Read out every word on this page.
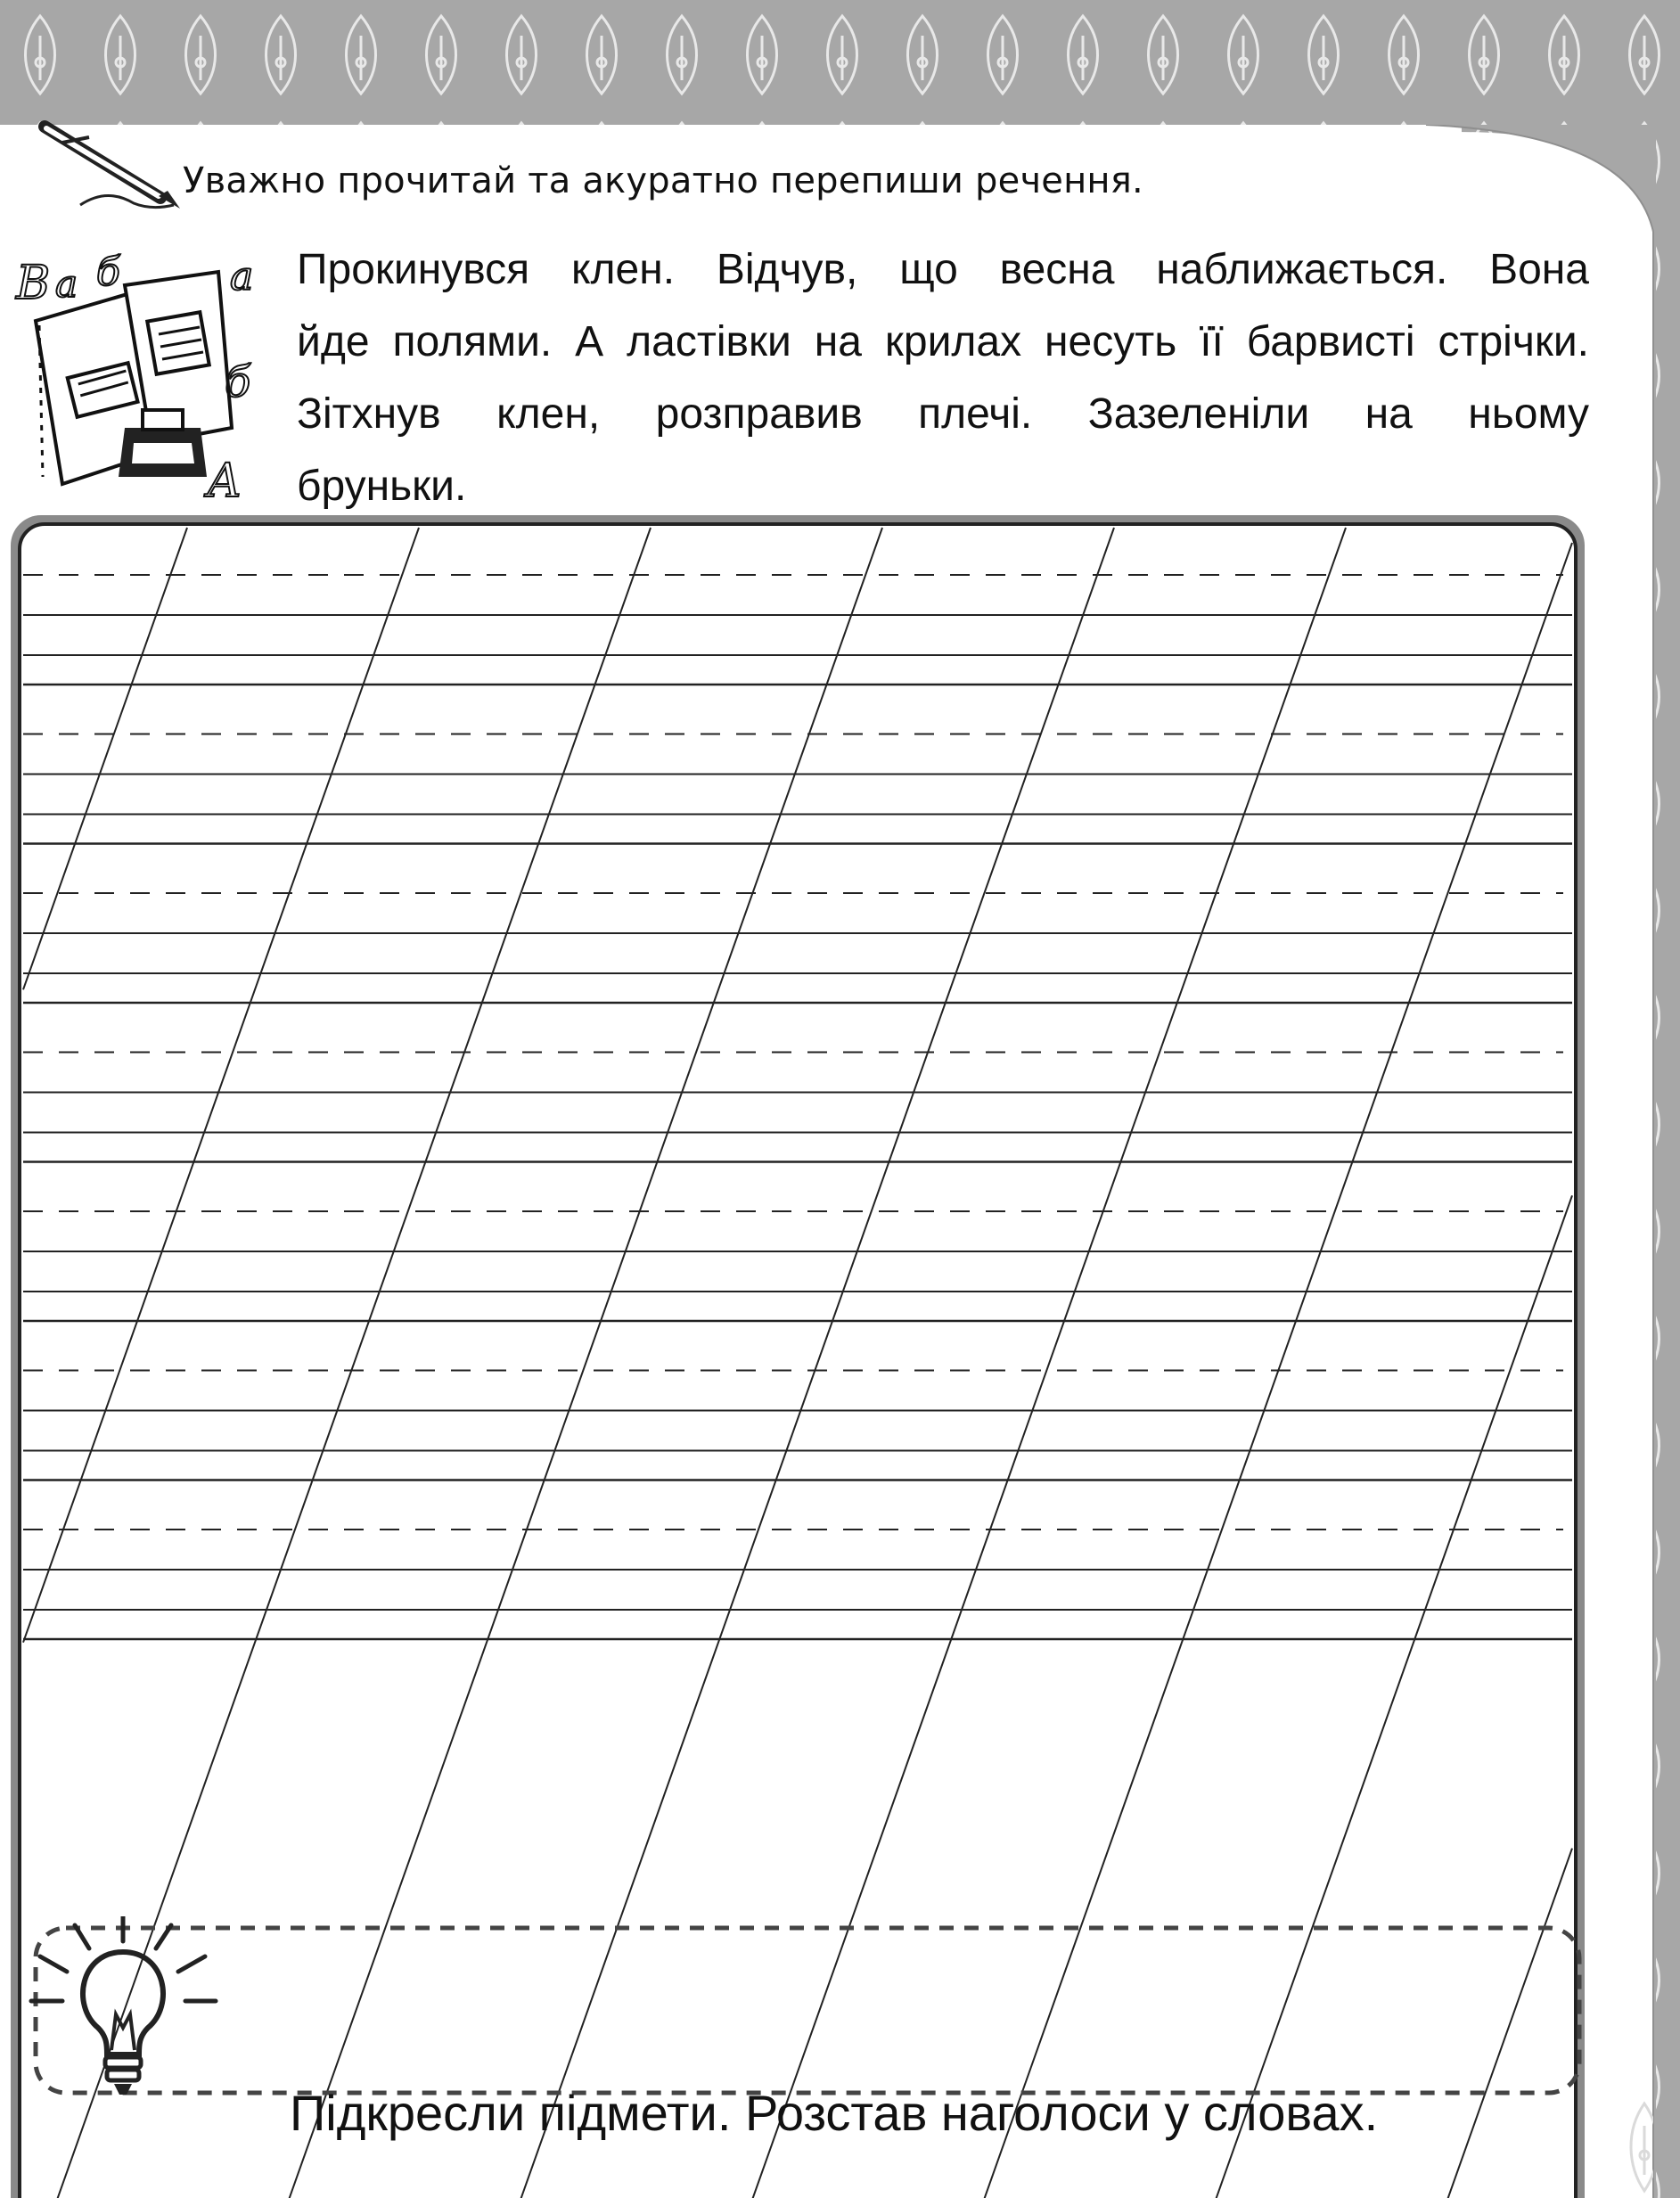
В а б	а
б
А
Уважно прочитай та акуратно перепиши речення.
Прокинувся клен. Відчув, що весна наближається. Вона
йде полями. А ластівки на крилах несуть її барвисті стрічки.
Зітхнув клен, розправив плечі. Зазеленіли на ньому
бруньки.
Підкресли підмети. Розстав наголоси у словах.
